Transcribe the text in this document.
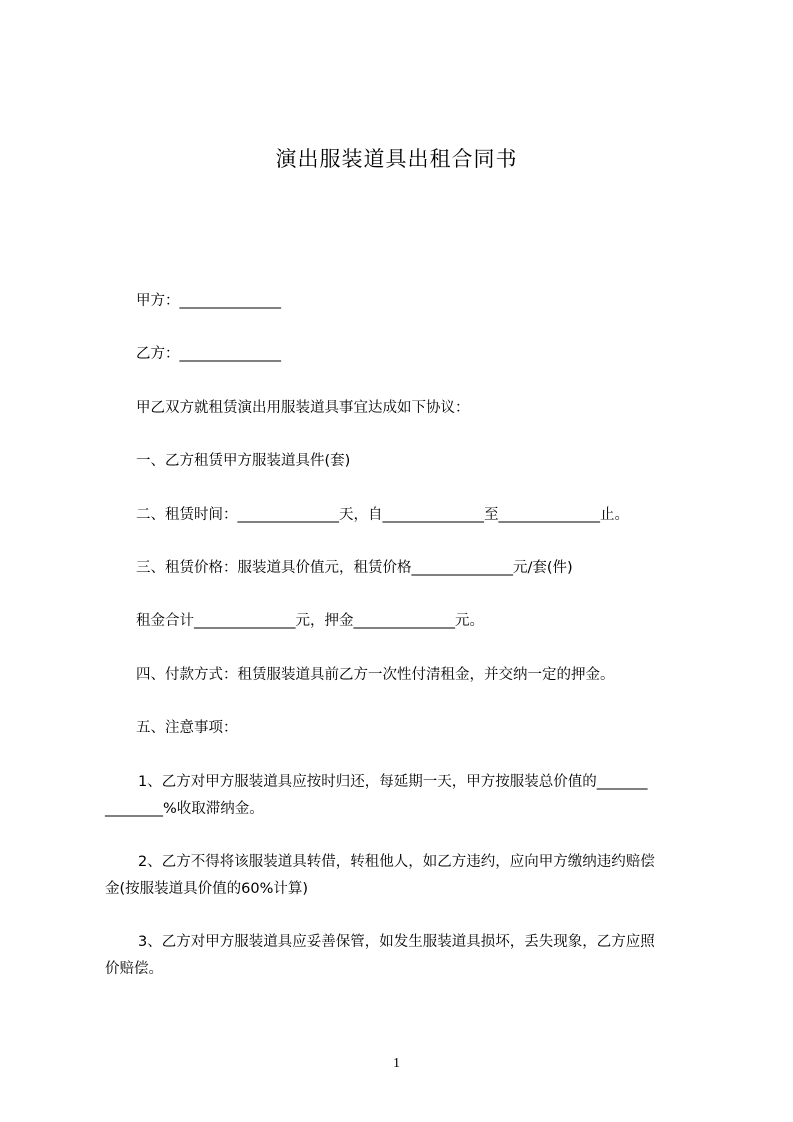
演出服装道具出租合同书
甲方：______________
乙方：______________
甲乙双方就租赁演出用服装道具事宜达成如下协议：
一、乙方租赁甲方服装道具件(套)
二、租赁时间：______________天，自______________至______________止。
三、租赁价格：服装道具价值元，租赁价格______________元/套(件)
租金合计______________元，押金______________元。
四、付款方式：租赁服装道具前乙方一次性付清租金，并交纳一定的押金。
五、注意事项：
1、乙方对甲方服装道具应按时归还，每延期一天，甲方按服装总价值的_______
________%收取滞纳金。
2、乙方不得将该服装道具转借，转租他人，如乙方违约，应向甲方缴纳违约赔偿
金(按服装道具价值的60%计算)
3、乙方对甲方服装道具应妥善保管，如发生服装道具损坏，丢失现象，乙方应照
价赔偿。
1
